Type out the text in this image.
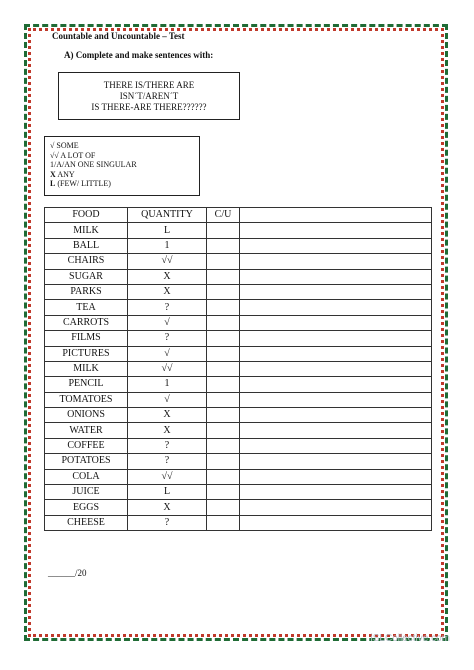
Countable and Uncountable – Test
A) Complete and make sentences with:
THERE IS/THERE ARE
ISN´T/AREN´T
IS THERE-ARE THERE??????
√ SOME
√√ A LOT OF
1/A/AN ONE SINGULAR
X ANY
L (FEW/ LITTLE)
FOOD	QUANTITY	C/U	
MILK	L		
BALL	1		
CHAIRS	√√		
SUGAR	X		
PARKS	X		
TEA	?		
CARROTS	√		
FILMS	?		
PICTURES	√		
MILK	√√		
PENCIL	1		
TOMATOES	√		
ONIONS	X		
WATER	X		
COFFEE	?		
POTATOES	?		
COLA	√√		
JUICE	L		
EGGS	X		
CHEESE	?		
______/20
iSLCollective.com
